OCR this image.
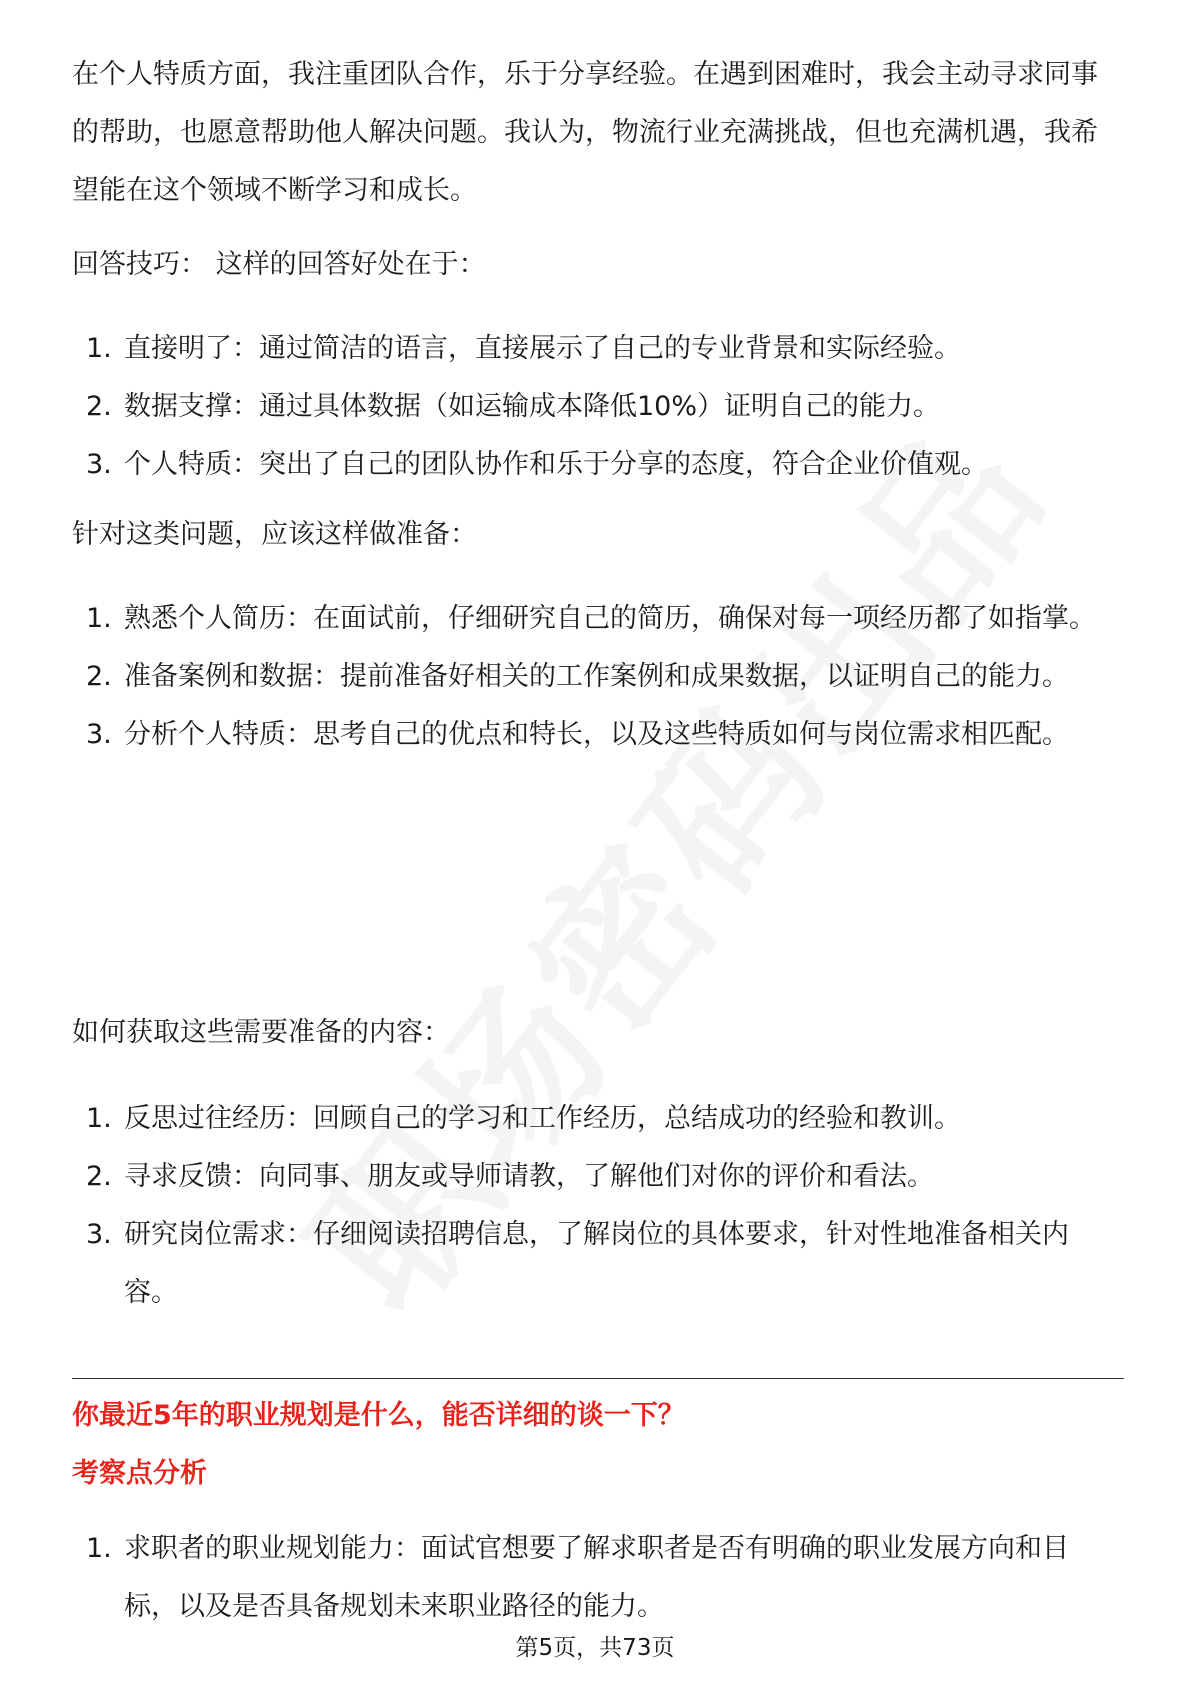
在个人特质方面，我注重团队合作，乐于分享经验。在遇到困难时，我会主动寻求同事的帮助，也愿意帮助他人解决问题。我认为，物流行业充满挑战，但也充满机遇，我希望能在这个领域不断学习和成长。

回答技巧： 这样的回答好处在于：

1. 直接明了：通过简洁的语言，直接展示了自己的专业背景和实际经验。
2. 数据支撑：通过具体数据（如运输成本降低10%）证明自己的能力。
3. 个人特质：突出了自己的团队协作和乐于分享的态度，符合企业价值观。

针对这类问题，应该这样做准备：

1. 熟悉个人简历：在面试前，仔细研究自己的简历，确保对每一项经历都了如指掌。
2. 准备案例和数据：提前准备好相关的工作案例和成果数据，以证明自己的能力。
3. 分析个人特质：思考自己的优点和特长，以及这些特质如何与岗位需求相匹配。

如何获取这些需要准备的内容：

1. 反思过往经历：回顾自己的学习和工作经历，总结成功的经验和教训。
2. 寻求反馈：向同事、朋友或导师请教，了解他们对你的评价和看法。
3. 研究岗位需求：仔细阅读招聘信息，了解岗位的具体要求，针对性地准备相关内容。
你最近5年的职业规划是什么，能否详细的谈一下？
考察点分析
1. 求职者的职业规划能力：面试官想要了解求职者是否有明确的职业发展方向和目标，以及是否具备规划未来职业路径的能力。
第5页，共73页
